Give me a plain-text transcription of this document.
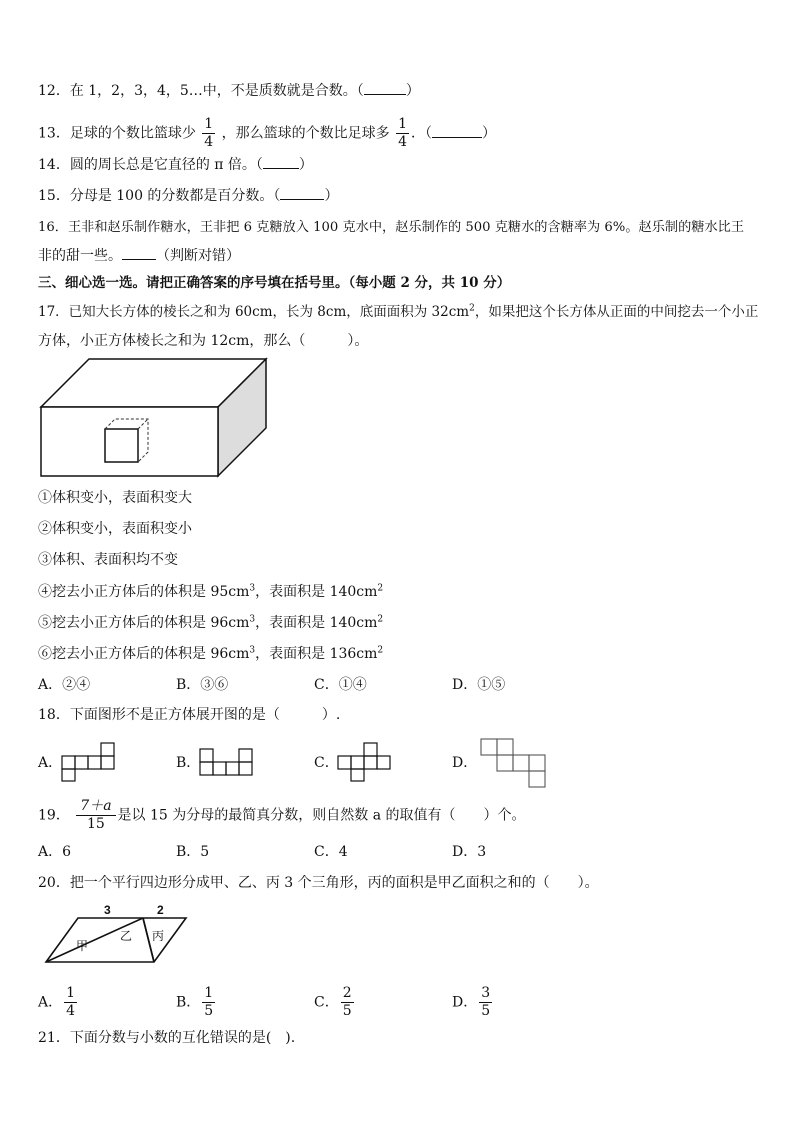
12．在 1，2，3，4，5…中，不是质数就是合数。（	）
13．足球的个数比篮球少 $\frac{1}{4}$ ，那么篮球的个数比足球多 $\frac{1}{4}$ ．（	）
14．圆的周长总是它直径的 π 倍。（	）
15．分母是 100 的分数都是百分数。（	）
16．王非和赵乐制作糖水，王非把 6 克糖放入 100 克水中，赵乐制作的 500 克糖水的含糖率为 6%。赵乐制的糖水比王
非的甜一些。 （判断对错）
三、细心选一选。请把正确答案的序号填在括号里。（每小题 2 分，共 10 分）
17．已知大长方体的棱长之和为 60cm，长为 8cm，底面面积为 $32cm^2$，如果把这个长方体从正面的中间挖去一个小正
方体，小正方体棱长之和为 12cm，那么（　　　）。
①体积变小，表面积变大
②体积变小，表面积变小
③体积、表面积均不变
④挖去小正方体后的体积是 $95cm^3$，表面积是 $140cm^2$
⑤挖去小正方体后的体积是 $96cm^3$，表面积是 $140cm^2$
⑥挖去小正方体后的体积是 $96cm^3$，表面积是 $136cm^2$
A．②④	B．③⑥	C．①④	D．①⑤
18．下面图形不是正方体展开图的是（　　　）.
A．	B．	C．	D．
19． $\frac{7+a}{15}$ 是以 15 为分母的最简真分数，则自然数 a 的取值有（　　）个。
A．6	B．5	C．4	D．3
20．把一个平行四边形分成甲、乙、丙 3 个三角形，丙的面积是甲乙面积之和的（　　）。
3	2
甲
乙 丙
A． $\frac{1}{4}$	B． $\frac{1}{5}$	C． $\frac{2}{5}$	D． $\frac{3}{5}$
21．下面分数与小数的互化错误的是(　).
